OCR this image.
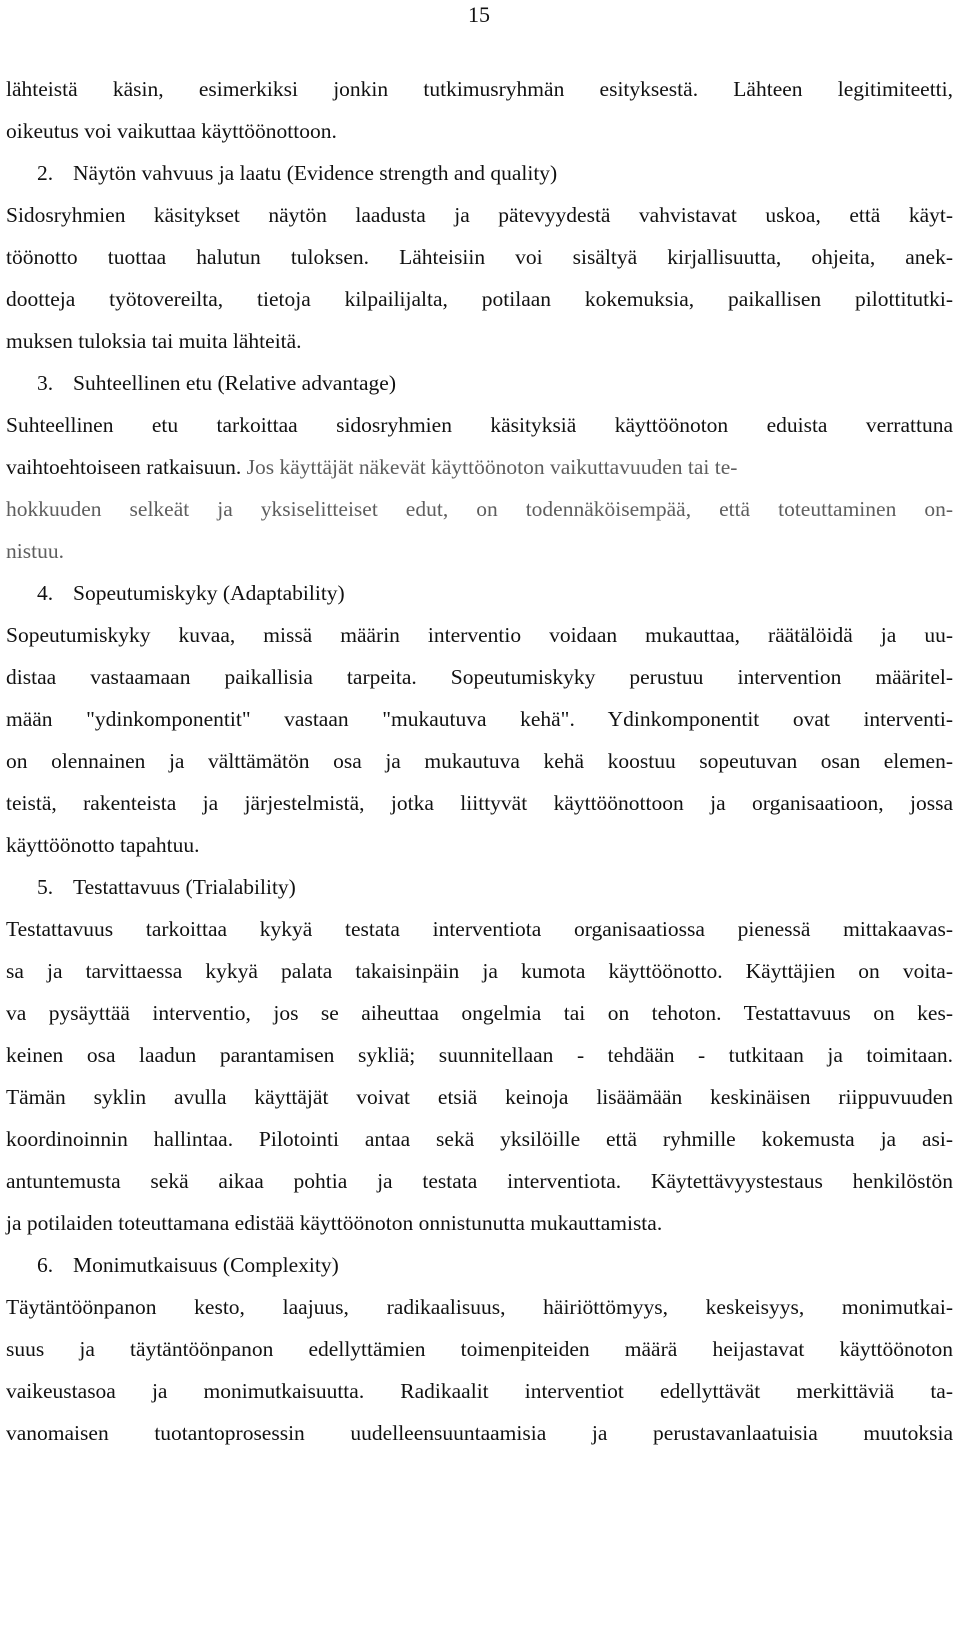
15
lähteistä käsin, esimerkiksi jonkin tutkimusryhmän esityksestä. Lähteen legitimiteetti,
oikeutus voi vaikuttaa käyttöönottoon.
2. Näytön vahvuus ja laatu (Evidence strength and quality)
Sidosryhmien käsitykset näytön laadusta ja pätevyydestä vahvistavat uskoa, että käyt-
töönotto tuottaa halutun tuloksen. Lähteisiin voi sisältyä kirjallisuutta, ohjeita, anek-
dootteja työtovereilta, tietoja kilpailijalta, potilaan kokemuksia, paikallisen pilottitutki-
muksen tuloksia tai muita lähteitä.
3. Suhteellinen etu (Relative advantage)
Suhteellinen etu tarkoittaa sidosryhmien käsityksiä käyttöönoton eduista verrattuna
vaihtoehtoiseen ratkaisuun. Jos käyttäjät näkevät käyttöönoton vaikuttavuuden tai te-
hokkuuden selkeät ja yksiselitteiset edut, on todennäköisempää, että toteuttaminen on-
nistuu.
4. Sopeutumiskyky (Adaptability)
Sopeutumiskyky kuvaa, missä määrin interventio voidaan mukauttaa, räätälöidä ja uu-
distaa vastaamaan paikallisia tarpeita. Sopeutumiskyky perustuu intervention määritel-
mään "ydinkomponentit" vastaan "mukautuva kehä". Ydinkomponentit ovat interventi-
on olennainen ja välttämätön osa ja mukautuva kehä koostuu sopeutuvan osan elemen-
teistä, rakenteista ja järjestelmistä, jotka liittyvät käyttöönottoon ja organisaatioon, jossa
käyttöönotto tapahtuu.
5. Testattavuus (Trialability)
Testattavuus tarkoittaa kykyä testata interventiota organisaatiossa pienessä mittakaavas-
sa ja tarvittaessa kykyä palata takaisinpäin ja kumota käyttöönotto. Käyttäjien on voita-
va pysäyttää interventio, jos se aiheuttaa ongelmia tai on tehoton. Testattavuus on kes-
keinen osa laadun parantamisen sykliä; suunnitellaan - tehdään - tutkitaan ja toimitaan.
Tämän syklin avulla käyttäjät voivat etsiä keinoja lisäämään keskinäisen riippuvuuden
koordinoinnin hallintaa. Pilotointi antaa sekä yksilöille että ryhmille kokemusta ja asi-
antuntemusta sekä aikaa pohtia ja testata interventiota. Käytettävyystestaus henkilöstön
ja potilaiden toteuttamana edistää käyttöönoton onnistunutta mukauttamista.
6. Monimutkaisuus (Complexity)
Täytäntöönpanon kesto, laajuus, radikaalisuus, häiriöttömyys, keskeisyys, monimutkai-
suus ja täytäntöönpanon edellyttämien toimenpiteiden määrä heijastavat käyttöönoton
vaikeustasoa ja monimutkaisuutta. Radikaalit interventiot edellyttävät merkittäviä ta-
vanomaisen tuotantoprosessin uudelleensuuntaamisia ja perustavanlaatuisia muutoksia
